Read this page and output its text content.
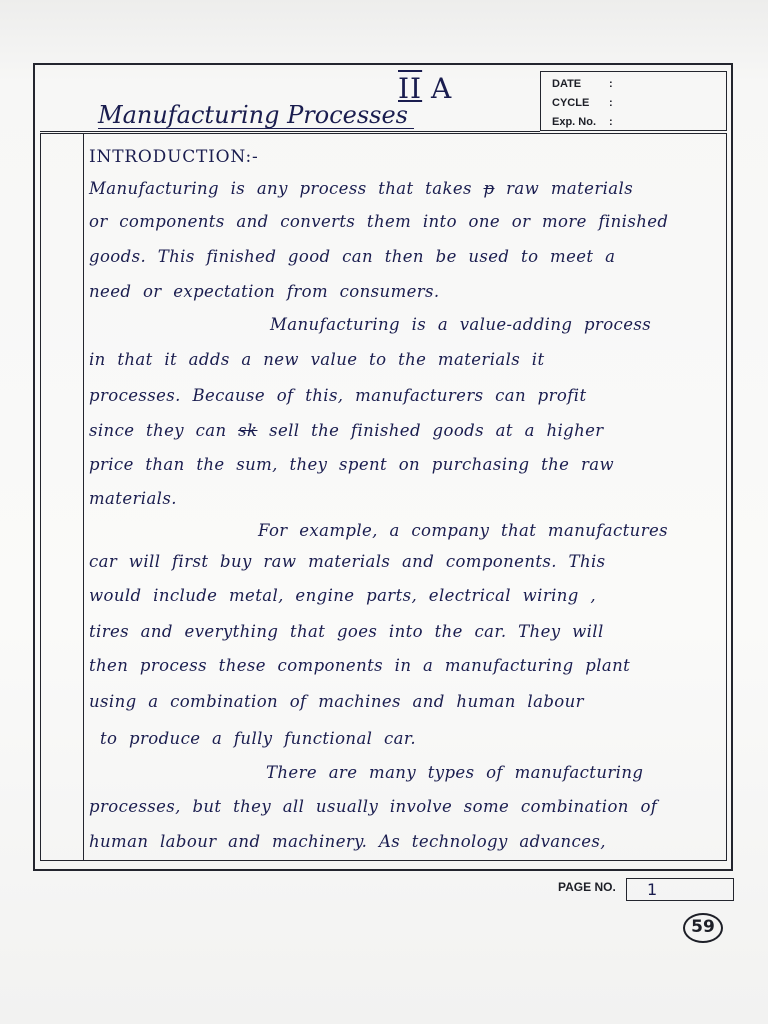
DATE	:
CYCLE :
Exp. No. :
II A
Manufacturing Processes
INTRODUCTION:-
Manufacturing is any process that takes p raw materials
or components and converts them into one or more finished
goods. This finished good can then be used to meet a
need or expectation from consumers.
Manufacturing is a value-adding process
in that it adds a new value to the materials it
processes. Because of this, manufacturers can profit
since they can sk sell the finished goods at a higher
price than the sum, they spent on purchasing the raw
materials.
For example, a company that manufactures
car will first buy raw materials and components. This
would include metal, engine parts, electrical wiring ,
tires and everything that goes into the car. They will
then process these components in a manufacturing plant
using a combination of machines and human labour
to produce a fully functional car.
There are many types of manufacturing
processes, but they all usually involve some combination of
human labour and machinery. As technology advances,
PAGE NO.	1
59
